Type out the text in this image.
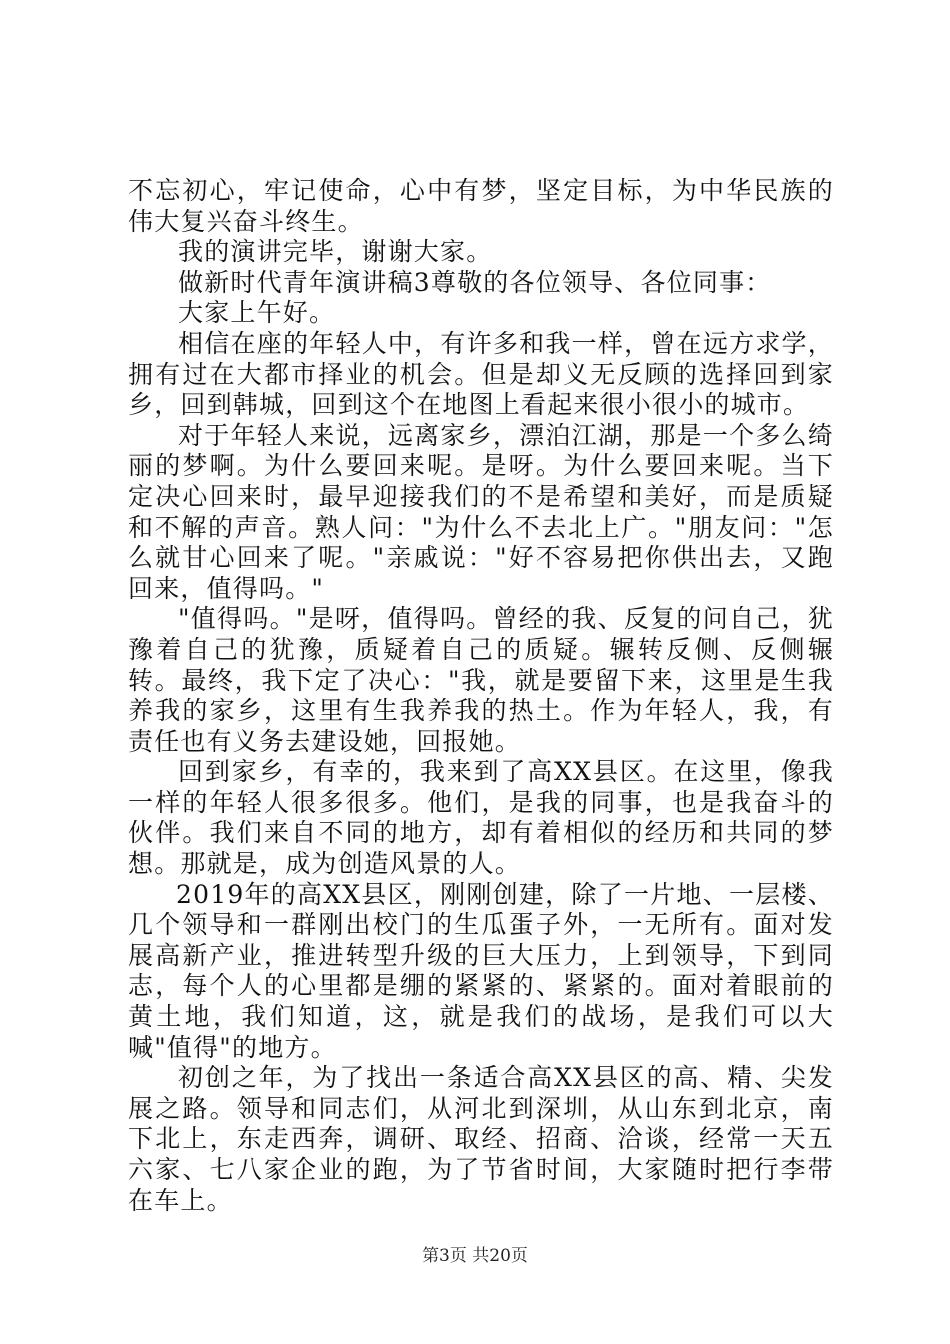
不忘初心，牢记使命，心中有梦，坚定目标，为中华民族的伟大复兴奋斗终生。

我的演讲完毕，谢谢大家。

做新时代青年演讲稿3尊敬的各位领导、各位同事：

大家上午好。

相信在座的年轻人中，有许多和我一样，曾在远方求学，拥有过在大都市择业的机会。但是却义无反顾的选择回到家乡，回到韩城，回到这个在地图上看起来很小很小的城市。

对于年轻人来说，远离家乡，漂泊江湖，那是一个多么绮丽的梦啊。为什么要回来呢。是呀。为什么要回来呢。当下定决心回来时，最早迎接我们的不是希望和美好，而是质疑和不解的声音。熟人问："为什么不去北上广。"朋友问："怎么就甘心回来了呢。"亲戚说："好不容易把你供出去，又跑回来，值得吗。"

"值得吗。"是呀，值得吗。曾经的我、反复的问自己，犹豫着自己的犹豫，质疑着自己的质疑。辗转反侧、反侧辗转。最终，我下定了决心："我，就是要留下来，这里是生我养我的家乡，这里有生我养我的热土。作为年轻人，我，有责任也有义务去建设她，回报她。

回到家乡，有幸的，我来到了高XX县区。在这里，像我一样的年轻人很多很多。他们，是我的同事，也是我奋斗的伙伴。我们来自不同的地方，却有着相似的经历和共同的梦想。那就是，成为创造风景的人。

2019年的高XX县区，刚刚创建，除了一片地、一层楼、几个领导和一群刚出校门的生瓜蛋子外，一无所有。面对发展高新产业，推进转型升级的巨大压力，上到领导，下到同志，每个人的心里都是绷的紧紧的、紧紧的。面对着眼前的黄土地，我们知道，这，就是我们的战场，是我们可以大喊"值得"的地方。

初创之年，为了找出一条适合高XX县区的高、精、尖发展之路。领导和同志们，从河北到深圳，从山东到北京，南下北上，东走西奔，调研、取经、招商、洽谈，经常一天五六家、七八家企业的跑，为了节省时间，大家随时把行李带在车上。

第3页 共20页
